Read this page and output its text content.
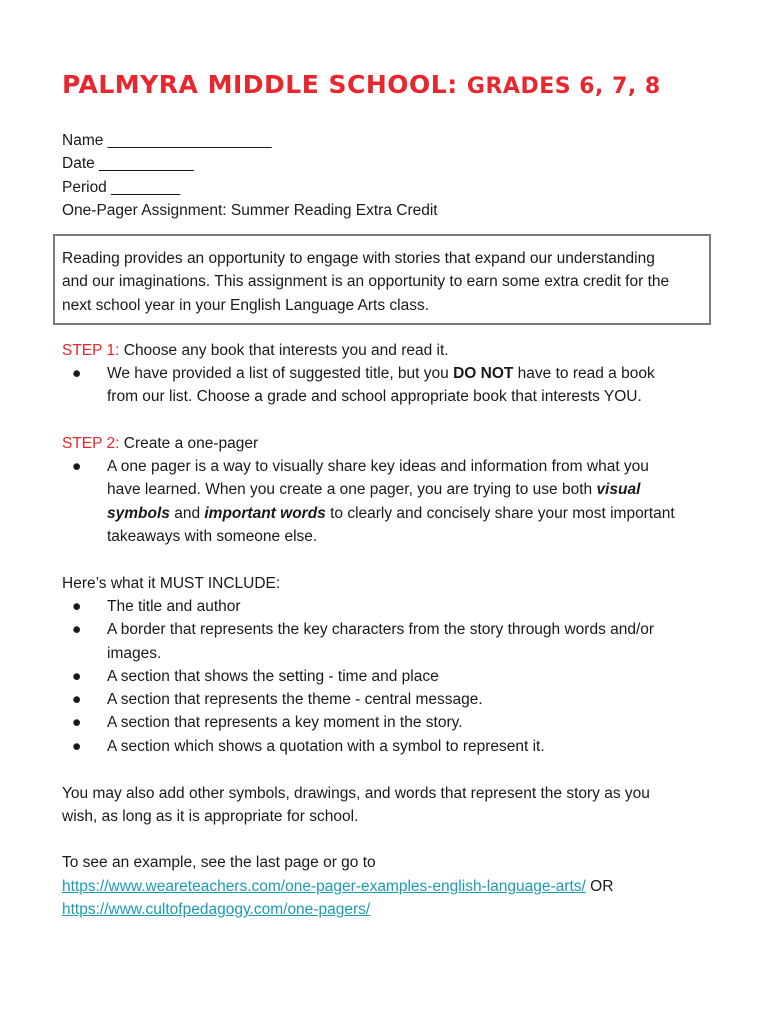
PALMYRA MIDDLE SCHOOL: GRADES 6, 7, 8

Name ___________________

Date ___________

Period ________

One-Pager Assignment: Summer Reading Extra Credit

Reading provides an opportunity to engage with stories that expand our understanding

and our imaginations. This assignment is an opportunity to earn some extra credit for the

next school year in your English Language Arts class.

STEP 1: Choose any book that interests you and read it.

● We have provided a list of suggested title, but you DO NOT have to read a book
from our list. Choose a grade and school appropriate book that interests YOU.

STEP 2: Create a one-pager

● A one pager is a way to visually share key ideas and information from what you
have learned. When you create a one pager, you are trying to use both visual
symbols and important words to clearly and concisely share your most important
takeaways with someone else.

Here’s what it MUST INCLUDE:

● The title and author
● A border that represents the key characters from the story through words and/or
images.
● A section that shows the setting - time and place
● A section that represents the theme - central message.
● A section that represents a key moment in the story.
● A section which shows a quotation with a symbol to represent it.

You may also add other symbols, drawings, and words that represent the story as you

wish, as long as it is appropriate for school.

To see an example, see the last page or go to

https://www.weareteachers.com/one-pager-examples-english-language-arts/ OR

https://www.cultofpedagogy.com/one-pagers/
